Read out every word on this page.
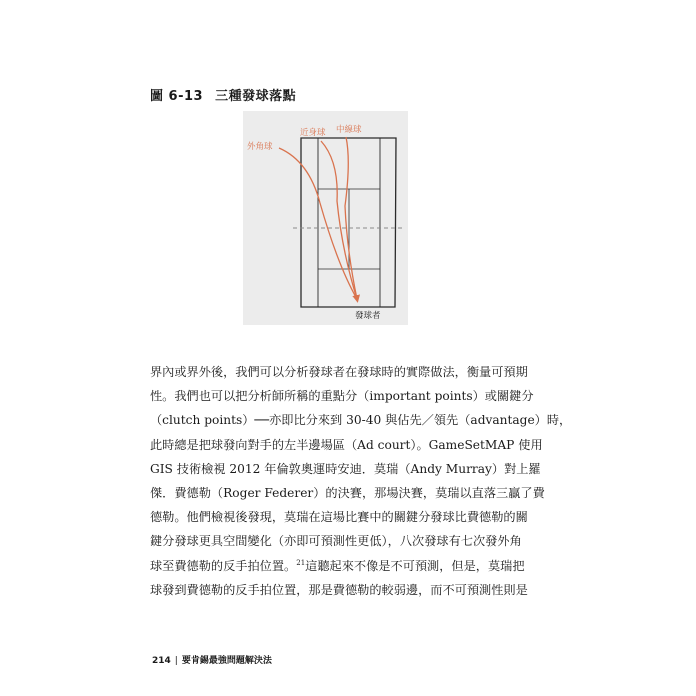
圖 6-13 三種發球落點
外角球
近身球 中線球
發球者
界內或界外後，我們可以分析發球者在發球時的實際做法，衡量可預期
性。我們也可以把分析師所稱的重點分（important points）或關鍵分
（clutch points）──亦即比分來到 30-40 與佔先／領先（advantage）時，
此時總是把球發向對手的左半邊場區（Ad court）。GameSetMAP 使用
GIS 技術檢視 2012 年倫敦奧運時安迪．莫瑞（Andy Murray）對上羅
傑．費德勒（Roger Federer）的決賽，那場決賽，莫瑞以直落三贏了費
德勒。他們檢視後發現，莫瑞在這場比賽中的關鍵分發球比費德勒的關
鍵分發球更具空間變化（亦即可預測性更低），八次發球有七次發外角
球至費德勒的反手拍位置。$^{21}$這聽起來不像是不可預測，但是，莫瑞把
球發到費德勒的反手拍位置，那是費德勒的較弱邊，而不可預測性則是
214 | 要肯錫最強問題解決法
